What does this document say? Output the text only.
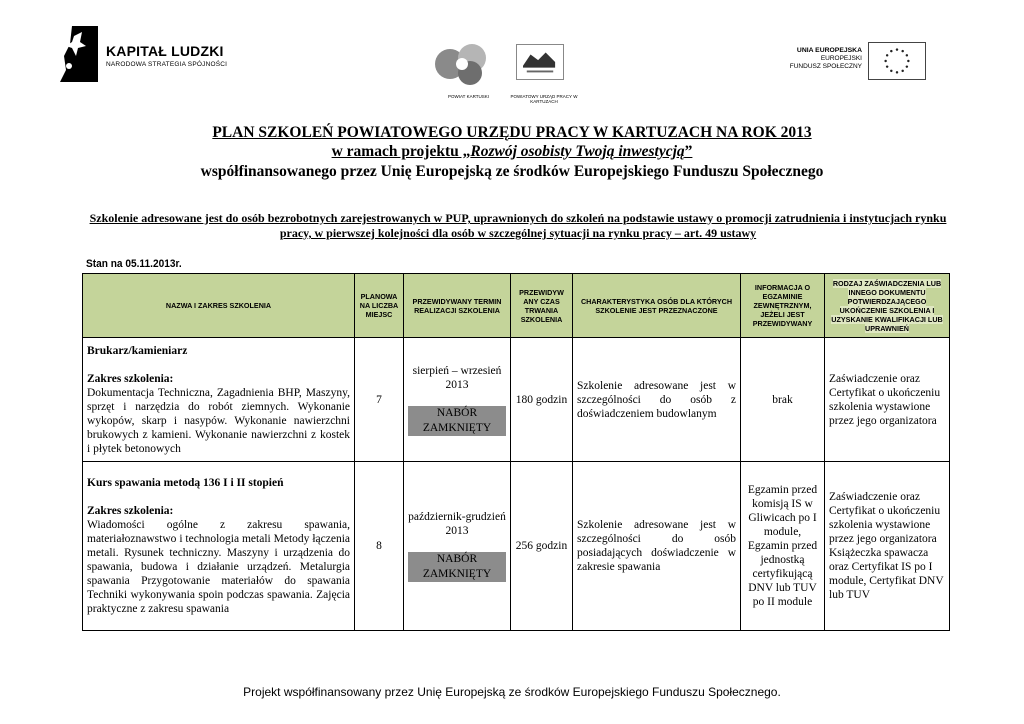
KAPITAŁ LUDZKI
NARODOWA STRATEGIA SPÓJNOŚCI
POWIAT KARTUSKI	POWIATOWY URZĄD PRACY W KARTUZACH
UNIA EUROPEJSKA
EUROPEJSKI
FUNDUSZ SPOŁECZNY
PLAN SZKOLEŃ POWIATOWEGO URZĘDU PRACY W KARTUZACH NA ROK 2013
w ramach projektu „Rozwój osobisty Twoją inwestycją”
współfinansowanego przez Unię Europejską ze środków Europejskiego Funduszu Społecznego
Szkolenie adresowane jest do osób bezrobotnych zarejestrowanych w PUP, uprawnionych do szkoleń na podstawie ustawy o promocji zatrudnienia i instytucjach rynku pracy, w pierwszej kolejności dla osób w szczególnej sytuacji na rynku pracy – art. 49 ustawy
Stan na 05.11.2013r.
NAZWA I ZAKRES SZKOLENIA	PLANOWA NA LICZBA MIEJSC	PRZEWIDYWANY TERMIN REALIZACJI SZKOLENIA	PRZEWIDYW ANY CZAS TRWANIA SZKOLENIA	CHARAKTERYSTYKA OSÓB DLA KTÓRYCH SZKOLENIE JEST PRZEZNACZONE	INFORMACJA O EGZAMINIE ZEWNĘTRZNYM, JEŻELI JEST PRZEWIDYWANY	RODZAJ ZAŚWIADCZENIA LUB INNEGO DOKUMENTU POTWIERDZAJĄCEGO UKOŃCZENIE SZKOLENIA I UZYSKANIE KWALIFIKACJI LUB UPRAWNIEŃ

Brukarz/kamieniarz
Zakres szkolenia:
Dokumentacja Techniczna, Zagadnienia BHP, Maszyny, sprzęt i narzędzia do robót ziemnych. Wykonanie wykopów, skarp i nasypów. Wykonanie nawierzchni brukowych z kamieni. Wykonanie nawierzchni z kostek i płytek betonowych	7	sierpień – wrzesień 2013
NABÓR ZAMKNIĘTY	180 godzin	Szkolenie adresowane jest w szczególności do osób z doświadczeniem budowlanym	brak	Zaświadczenie oraz Certyfikat o ukończeniu szkolenia wystawione przez jego organizatora

Kurs spawania metodą 136 I i II stopień
Zakres szkolenia:
Wiadomości ogólne z zakresu spawania, materiałoznawstwo i technologia metali Metody łączenia metali. Rysunek techniczny. Maszyny i urządzenia do spawania, budowa i działanie urządzeń. Metalurgia spawania Przygotowanie materiałów do spawania Techniki wykonywania spoin podczas spawania. Zajęcia praktyczne z zakresu spawania	8	październik-grudzień 2013
NABÓR ZAMKNIĘTY	256 godzin	Szkolenie adresowane jest w szczególności do osób posiadających doświadczenie w zakresie spawania	Egzamin przed komisją IS w Gliwicach po I module, Egzamin przed jednostką certyfikującą DNV lub TUV po II module	Zaświadczenie oraz Certyfikat o ukończeniu szkolenia wystawione przez jego organizatora Książeczka spawacza oraz Certyfikat IS po I module, Certyfikat DNV lub TUV
Projekt współfinansowany przez Unię Europejską ze środków Europejskiego Funduszu Społecznego.
